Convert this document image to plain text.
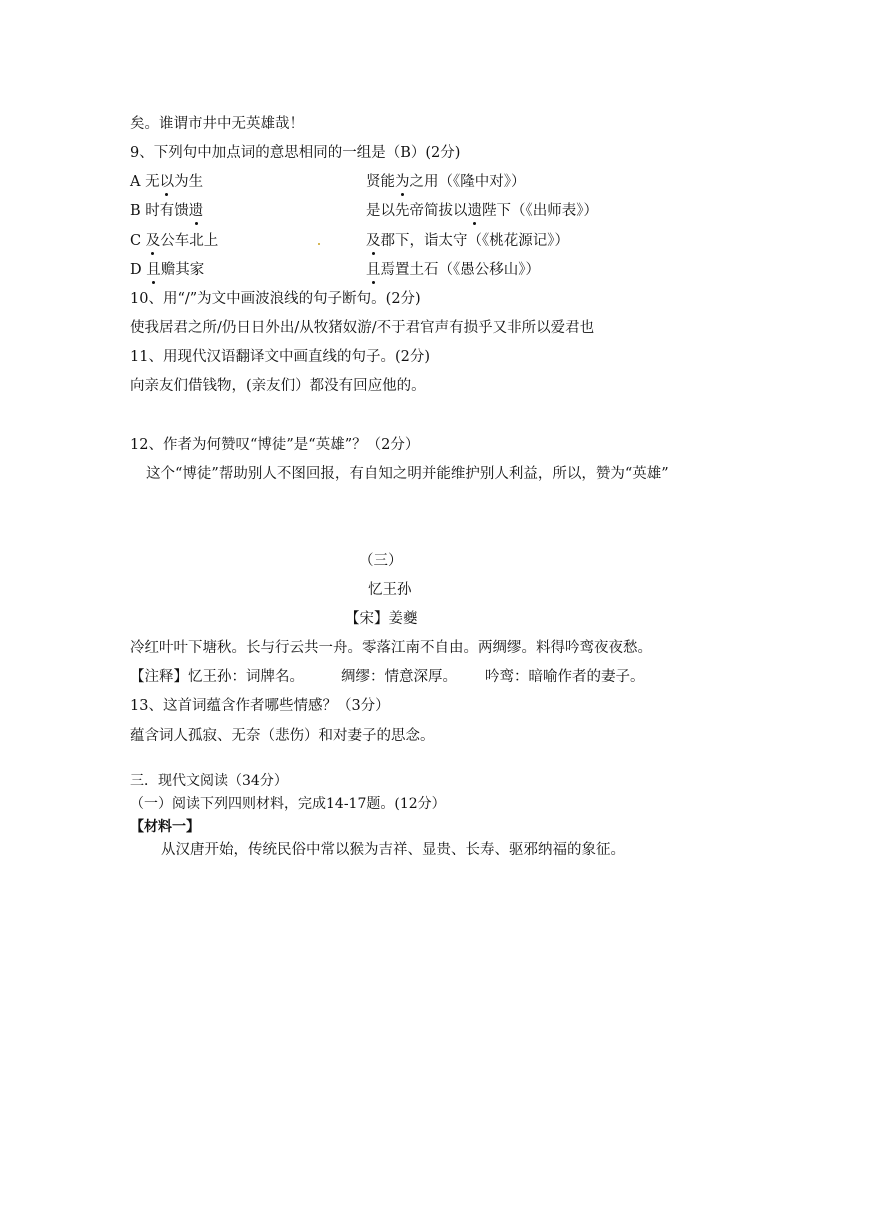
矣。谁谓市井中无英雄哉！
9、下列句中加点词的意思相同的一组是（B）(2分)
A 无以为生	贤能为之用（《隆中对》）
B 时有馈遗	是以先帝简拔以遗陛下（《出师表》）
C 及公车北上	及郡下，诣太守（《桃花源记》）
D 且赡其家	且焉置土石（《愚公移山》）
10、用“/”为文中画波浪线的句子断句。(2分)
使我居君之所/仍日日外出/从牧猪奴游/不于君官声有损乎又非所以爱君也
11、用现代汉语翻译文中画直线的句子。(2分)
向亲友们借钱物，(亲友们）都没有回应他的。
12、作者为何赞叹“博徒”是“英雄”？（2分）
这个“博徒”帮助别人不图回报，有自知之明并能维护别人利益，所以，赞为“英雄”
（三）
忆王孙
【宋】姜夔
冷红叶叶下塘秋。长与行云共一舟。零落江南不自由。两绸缪。料得吟鸾夜夜愁。
【注释】忆王孙：词牌名。	绸缪：情意深厚。 吟鸾：暗喻作者的妻子。
13、这首词蕴含作者哪些情感？（3分）
蕴含词人孤寂、无奈（悲伤）和对妻子的思念。
三．现代文阅读（34分）
（一）阅读下列四则材料，完成14-17题。(12分）
【材料一】
从汉唐开始，传统民俗中常以猴为吉祥、显贵、长寿、驱邪纳福的象征。
